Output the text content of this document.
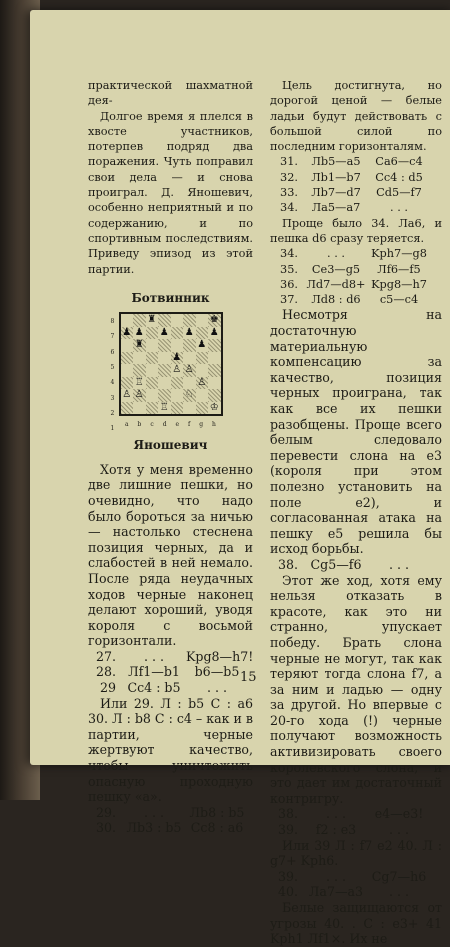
практической шахматной дея-

Долгое время я плелся в хвосте участников, потерпев подряд два поражения. Чуть поправил свои дела — и снова проиграл. Д. Яношевич, особенно неприятный и по содержанию, и по спортивным последствиям. Приведу эпизод из этой партии.

Ботвинник
8
7
6
5
4
3
2
1
♜	♚
♟ ♟ ♟ ♟ ♟
♜	♟
♟
♙ ♙
♖	♙
♙ ♙	♘
♖	♔
a b c d e f g h
Яношевич

Хотя у меня временно две лишние пешки, но очевидно, что надо было бороться за ничью — настолько стеснена позиция черных, да и слабостей в ней немало. После ряда неудачных ходов черные наконец делают хороший, уводя короля с восьмой горизонтали.

27.	. . .	Kpg8—h7!
28. Лf1—b1	b6—b5
29 Cc4 : b5	. . .

Или 29. Л : b5 C : a6 30. Л : b8 C : c4 – как и в партии, черные жертвуют качество, чтобы уничтожить опасную проходную пешку «а».

29.	. . .	Лb8 : b5
30. Лb3 : b5 Cc8 : a6

Цель достигнута, но дорогой ценой — белые ладьи будут действовать с большой силой по последним горизонталям.

31.	Лb5—a5	Ca6—c4
32.	Лb1—b7	Cc4 : d5
33.	Лb7—d7	Cd5—f7
34.	Лa5—a7	. . .

Проще было 34. Лa6, и пешка d6 сразу теряется.

34.	. . .	Kph7—g8
35.	Ce3—g5	Лf6—f5
36. Лd7—d8+ Kpg8—h7
37.	Лd8 : d6	c5—c4

Несмотря на достаточную материальную компенсацию за качество, позиция черных проиграна, так как все их пешки разобщены. Проще всего белым следовало перевести слона на e3 (короля при этом полезно установить на поле e2), и согласованная атака на пешку e5 решила бы исход борьбы.

38. Cg5—f6	. . .

Этот же ход, хотя ему нельзя отказать в красоте, как это ни странно, упускает победу. Брать слона черные не могут, так как теряют тогда слона f7, а за ним и ладью — одну за другой. Но впервые с 20-го хода (!) черные получают возможность активизировать своего королевского слона, и это дает им достаточный контригру.

38.	. . .	e4—e3!
39.	f2 : e3	. . .

Или 39 Л : f7 e2 40. Л : g7+ Kph6.

39.	. . .	Cg7—h6
40. Лa7—a3	. . .

Белые защищаются от угрозы 40. . C : e3+ 41 Kph1 Лf1×. Их не

15
